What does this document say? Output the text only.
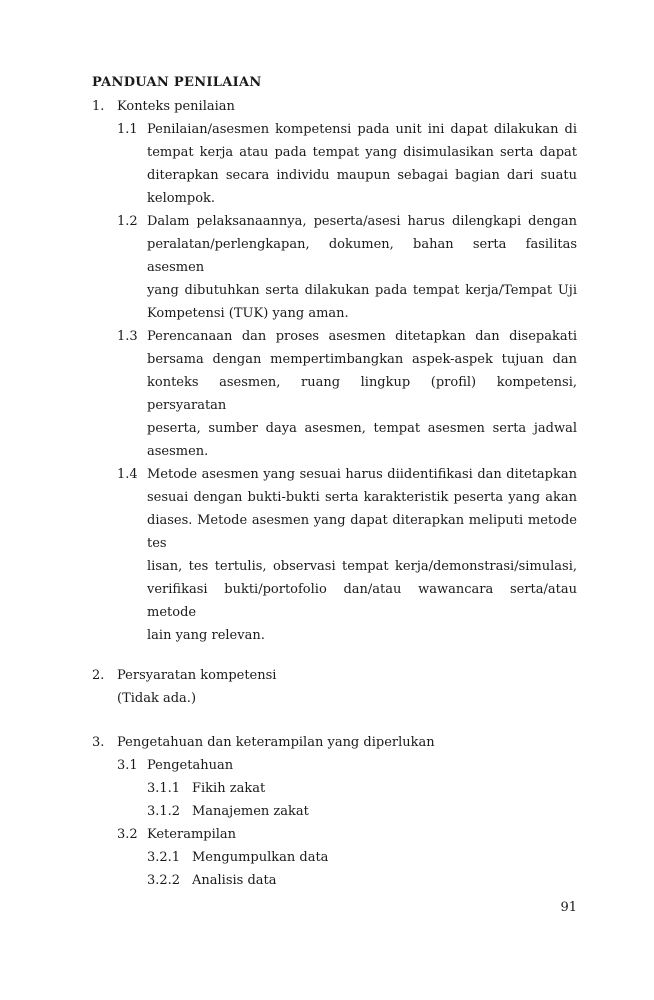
PANDUAN PENILAIAN
1. Konteks penilaian
1.1 Penilaian/asesmen kompetensi pada unit ini dapat dilakukan di
tempat kerja atau pada tempat yang disimulasikan serta dapat
diterapkan secara individu maupun sebagai bagian dari suatu
kelompok.
1.2 Dalam pelaksanaannya, peserta/asesi harus dilengkapi dengan
peralatan/perlengkapan, dokumen, bahan serta fasilitas asesmen
yang dibutuhkan serta dilakukan pada tempat kerja/Tempat Uji
Kompetensi (TUK) yang aman.
1.3 Perencanaan dan proses asesmen ditetapkan dan disepakati
bersama dengan mempertimbangkan aspek-aspek tujuan dan
konteks asesmen, ruang lingkup (profil) kompetensi, persyaratan
peserta, sumber daya asesmen, tempat asesmen serta jadwal
asesmen.
1.4 Metode asesmen yang sesuai harus diidentifikasi dan ditetapkan
sesuai dengan bukti-bukti serta karakteristik peserta yang akan
diases. Metode asesmen yang dapat diterapkan meliputi metode tes
lisan, tes tertulis, observasi tempat kerja/demonstrasi/simulasi,
verifikasi bukti/portofolio dan/atau wawancara serta/atau metode
lain yang relevan.
2. Persyaratan kompetensi
(Tidak ada.)
3. Pengetahuan dan keterampilan yang diperlukan
3.1 Pengetahuan
3.1.1 Fikih zakat
3.1.2 Manajemen zakat
3.2 Keterampilan
3.2.1 Mengumpulkan data
3.2.2 Analisis data
91
